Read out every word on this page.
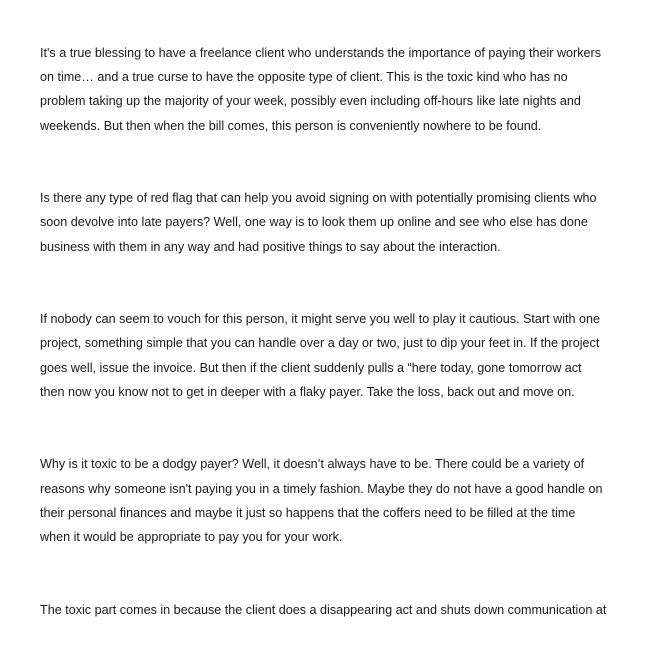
It's a true blessing to have a freelance client who understands the importance of paying their workers
on time… and a true curse to have the opposite type of client. This is the toxic kind who has no
problem taking up the majority of your week, possibly even including off-hours like late nights and
weekends. But then when the bill comes, this person is conveniently nowhere to be found.

Is there any type of red flag that can help you avoid signing on with potentially promising clients who
soon devolve into late payers? Well, one way is to look them up online and see who else has done
business with them in any way and had positive things to say about the interaction.

If nobody can seem to vouch for this person, it might serve you well to play it cautious. Start with one
project, something simple that you can handle over a day or two, just to dip your feet in. If the project
goes well, issue the invoice. But then if the client suddenly pulls a “here today, gone tomorrow act
then now you know not to get in deeper with a flaky payer. Take the loss, back out and move on.

Why is it toxic to be a dodgy payer? Well, it doesn’t always have to be. There could be a variety of
reasons why someone isn't paying you in a timely fashion. Maybe they do not have a good handle on
their personal finances and maybe it just so happens that the coffers need to be filled at the time
when it would be appropriate to pay you for your work.

The toxic part comes in because the client does a disappearing act and shuts down communication at
